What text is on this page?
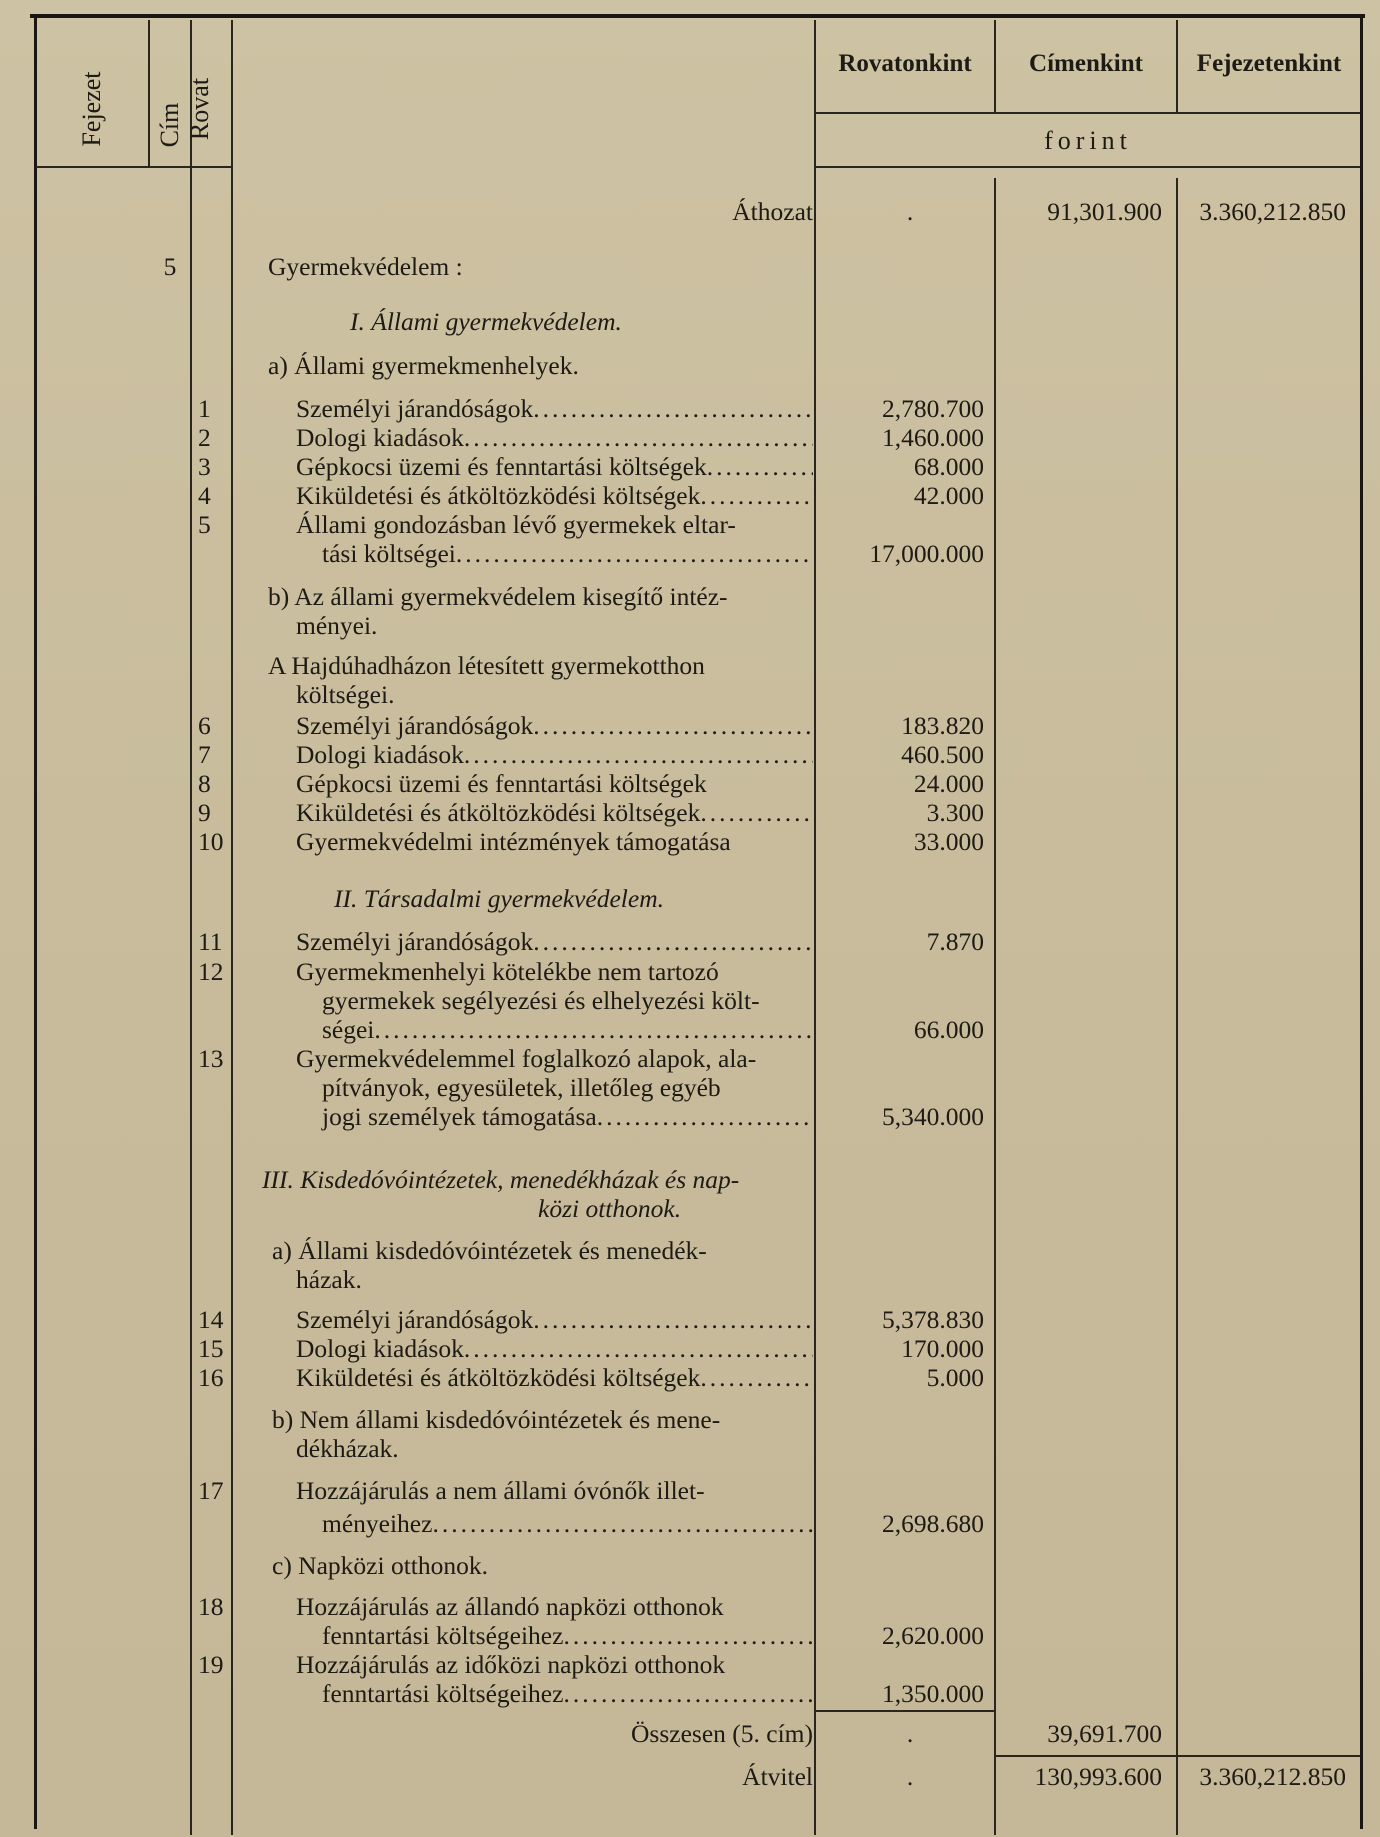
Fejezet Cím Rovat
Rovatonkint	Címenkint	Fejezetenkint
forint
Áthozat	.	91,301.900	3.360,212.850
5	Gyermekvédelem :
I. Állami gyermekvédelem.
a) Állami gyermekmenhelyek.
1	Személyi járandóságok .....	2,780.700
2	Dologi kiadások .....	1,460.000
3	Gépkocsi üzemi és fenntartási költségek .....	68.000
4	Kiküldetési és átköltözködési költségek .....	42.000
5	Állami gondozásban lévő gyermekek eltar-
tási költségei .....	17,000.000
b) Az állami gyermekvédelem kisegítő intéz-
ményei.
A Hajdúhadházon létesített gyermekotthon
költségei.
6	Személyi járandóságok .....	183.820
7	Dologi kiadások .....	460.500
8	Gépkocsi üzemi és fenntartási költségek	24.000
9	Kiküldetési és átköltözködési költségek .....	3.300
10	Gyermekvédelmi intézmények támogatása	33.000
II. Társadalmi gyermekvédelem.
11	Személyi járandóságok .....	7.870
12	Gyermekmenhelyi kötelékbe nem tartozó
gyermekek segélyezési és elhelyezési költ-
ségei .....	66.000
13	Gyermekvédelemmel foglalkozó alapok, ala-
pítványok, egyesületek, illetőleg egyéb
jogi személyek támogatása .....	5,340.000
III. Kisdedóvóintézetek, menedékházak és nap-
közi otthonok.
a) Állami kisdedóvóintézetek és menedék-
házak.
14	Személyi járandóságok .....	5,378.830
15	Dologi kiadások .....	170.000
16	Kiküldetési és átköltözködési költségek .....	5.000
b) Nem állami kisdedóvóintézetek és mene-
dékházak.
17	Hozzájárulás a nem állami óvónők illet-
ményeihez .....	2,698.680
c) Napközi otthonok.
18	Hozzájárulás az állandó napközi otthonok
fenntartási költségeihez .....	2,620.000
19	Hozzájárulás az időközi napközi otthonok
fenntartási költségeihez .....	1,350.000
Összesen (5. cím)	.	39,691.700
Átvitel	.	130,993.600	3.360,212.850
